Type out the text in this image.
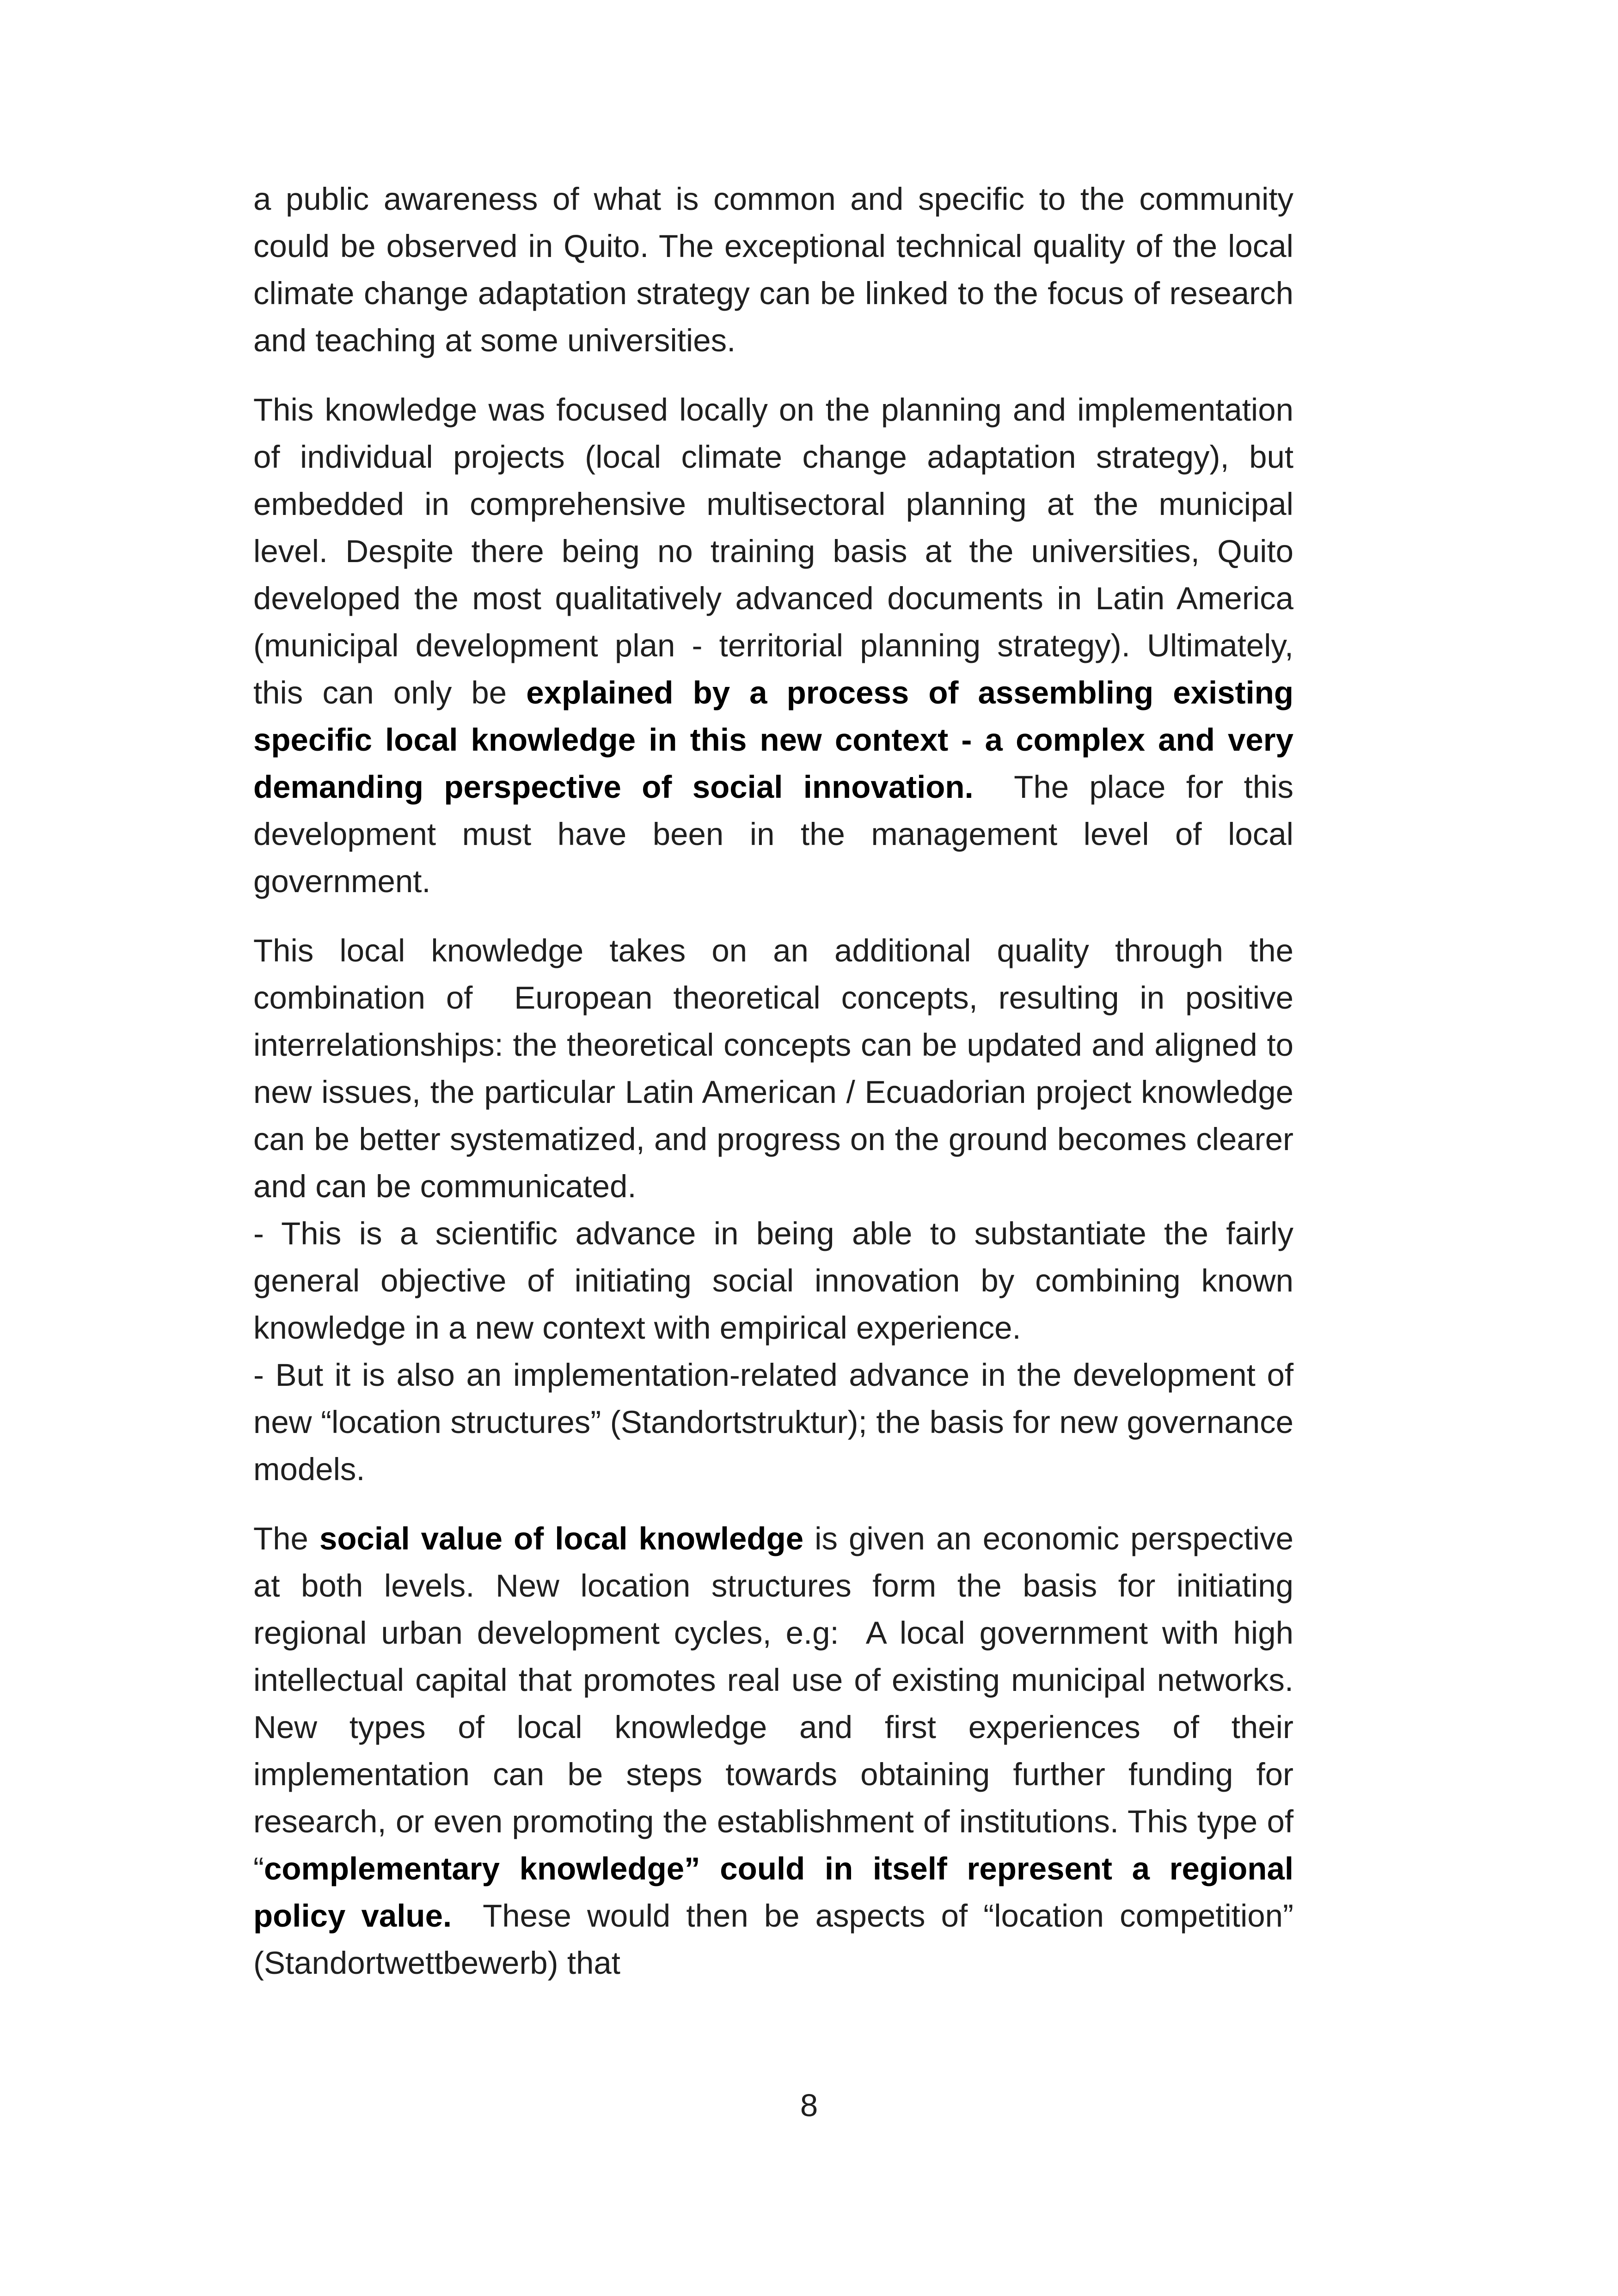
a public awareness of what is common and specific to the community could be observed in Quito. The exceptional technical quality of the local climate change adaptation strategy can be linked to the focus of research and teaching at some universities.

This knowledge was focused locally on the planning and implementation of individual projects (local climate change adaptation strategy), but embedded in comprehensive multisectoral planning at the municipal level. Despite there being no training basis at the universities, Quito developed the most qualitatively advanced documents in Latin America (municipal development plan - territorial planning strategy). Ultimately, this can only be explained by a process of assembling existing specific local knowledge in this new context - a complex and very demanding perspective of social innovation.  The place for this development must have been in the management level of local government.

This local knowledge takes on an additional quality through the combination of  European theoretical concepts, resulting in positive interrelationships: the theoretical concepts can be updated and aligned to new issues, the particular Latin American / Ecuadorian project knowledge can be better systematized, and progress on the ground becomes clearer and can be communicated.

- This is a scientific advance in being able to substantiate the fairly general objective of initiating social innovation by combining known knowledge in a new context with empirical experience.

- But it is also an implementation-related advance in the development of new “location structures” (Standortstruktur); the basis for new governance models.

The social value of local knowledge is given an economic perspective at both levels. New location structures form the basis for initiating regional urban development cycles, e.g:  A local government with high intellectual capital that promotes real use of existing municipal networks.   New types of local knowledge and first experiences of their implementation can be steps towards obtaining further funding for research, or even promoting the establishment of institutions. This type of “complementary knowledge” could in itself represent a regional policy value.  These would then be aspects of “location competition” (Standortwettbewerb) that

8
